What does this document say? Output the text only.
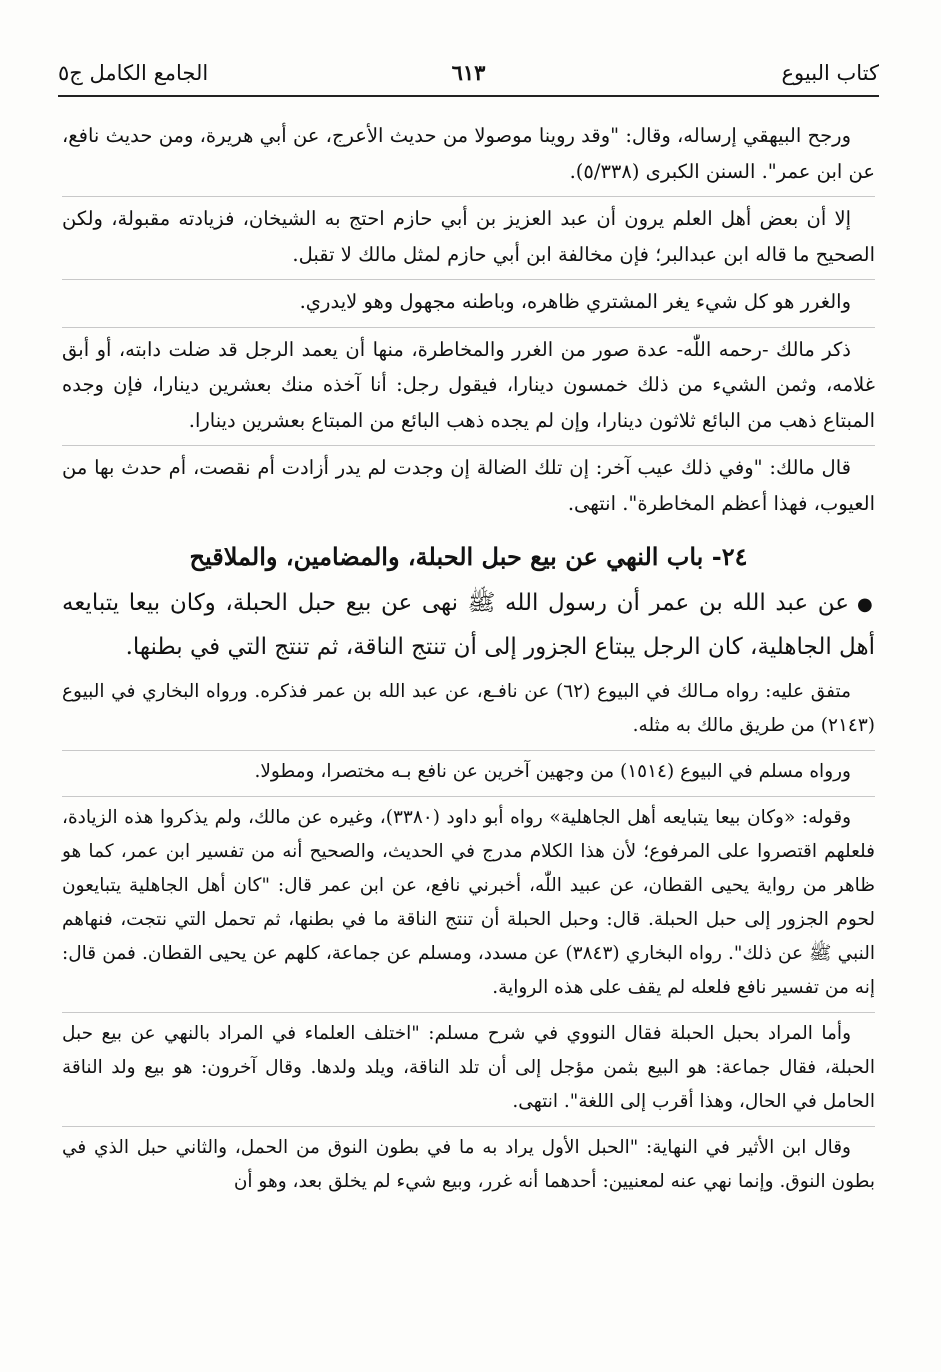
كتاب البيوع
٦١٣
الجامع الكامل ج٥

ورجح البيهقي إرساله، وقال: "وقد روينا موصولا من حديث الأعرج، عن أبي هريرة، ومن حديث نافع، عن ابن عمر". السنن الكبرى (٥/٣٣٨).

إلا أن بعض أهل العلم يرون أن عبد العزيز بن أبي حازم احتج به الشيخان، فزيادته مقبولة، ولكن الصحيح ما قاله ابن عبدالبر؛ فإن مخالفة ابن أبي حازم لمثل مالك لا تقبل.

والغرر هو كل شيء يغر المشتري ظاهره، وباطنه مجهول وهو لايدري.

ذكر مالك -رحمه اللّٰه- عدة صور من الغرر والمخاطرة، منها أن يعمد الرجل قد ضلت دابته، أو أبق غلامه، وثمن الشيء من ذلك خمسون دينارا، فيقول رجل: أنا آخذه منك بعشرين دينارا، فإن وجده المبتاع ذهب من البائع ثلاثون دينارا، وإن لم يجده ذهب البائع من المبتاع بعشرين دينارا.

قال مالك: "وفي ذلك عيب آخر: إن تلك الضالة إن وجدت لم يدر أزادت أم نقصت، أم حدث بها من العيوب، فهذا أعظم المخاطرة". انتهى.

٢٤- باب النهي عن بيع حبل الحبلة، والمضامين، والملاقيح

●عن عبد الله بن عمر أن رسول الله ﷺ نهى عن بيع حبل الحبلة، وكان بيعا يتبايعه أهل الجاهلية، كان الرجل يبتاع الجزور إلى أن تنتج الناقة، ثم تنتج التي في بطنها.

متفق عليه: رواه مـالك في البيوع (٦٢) عن نافـع، عن عبد الله بن عمر فذكره. ورواه البخاري في البيوع (٢١٤٣) من طريق مالك به مثله.

ورواه مسلم في البيوع (١٥١٤) من وجهين آخرين عن نافع بـه مختصرا، ومطولا.

وقوله: «وكان بيعا يتبايعه أهل الجاهلية» رواه أبو داود (٣٣٨٠)، وغيره عن مالك، ولم يذكروا هذه الزيادة، فلعلهم اقتصروا على المرفوع؛ لأن هذا الكلام مدرج في الحديث، والصحيح أنه من تفسير ابن عمر، كما هو ظاهر من رواية يحيى القطان، عن عبيد اللّٰه، أخبرني نافع، عن ابن عمر قال: "كان أهل الجاهلية يتبايعون لحوم الجزور إلى حبل الحبلة. قال: وحبل الحبلة أن تنتج الناقة ما في بطنها، ثم تحمل التي نتجت، فنهاهم النبي ﷺ عن ذلك". رواه البخاري (٣٨٤٣) عن مسدد، ومسلم عن جماعة، كلهم عن يحيى القطان. فمن قال: إنه من تفسير نافع فلعله لم يقف على هذه الرواية.

وأما المراد بحبل الحبلة فقال النووي في شرح مسلم: "اختلف العلماء في المراد بالنهي عن بيع حبل الحبلة، فقال جماعة: هو البيع بثمن مؤجل إلى أن تلد الناقة، ويلد ولدها. وقال آخرون: هو بيع ولد الناقة الحامل في الحال، وهذا أقرب إلى اللغة". انتهى.

وقال ابن الأثير في النهاية: "الحبل الأول يراد به ما في بطون النوق من الحمل، والثاني حبل الذي في بطون النوق. وإنما نهي عنه لمعنيين: أحدهما أنه غرر، وبيع شيء لم يخلق بعد، وهو أن
